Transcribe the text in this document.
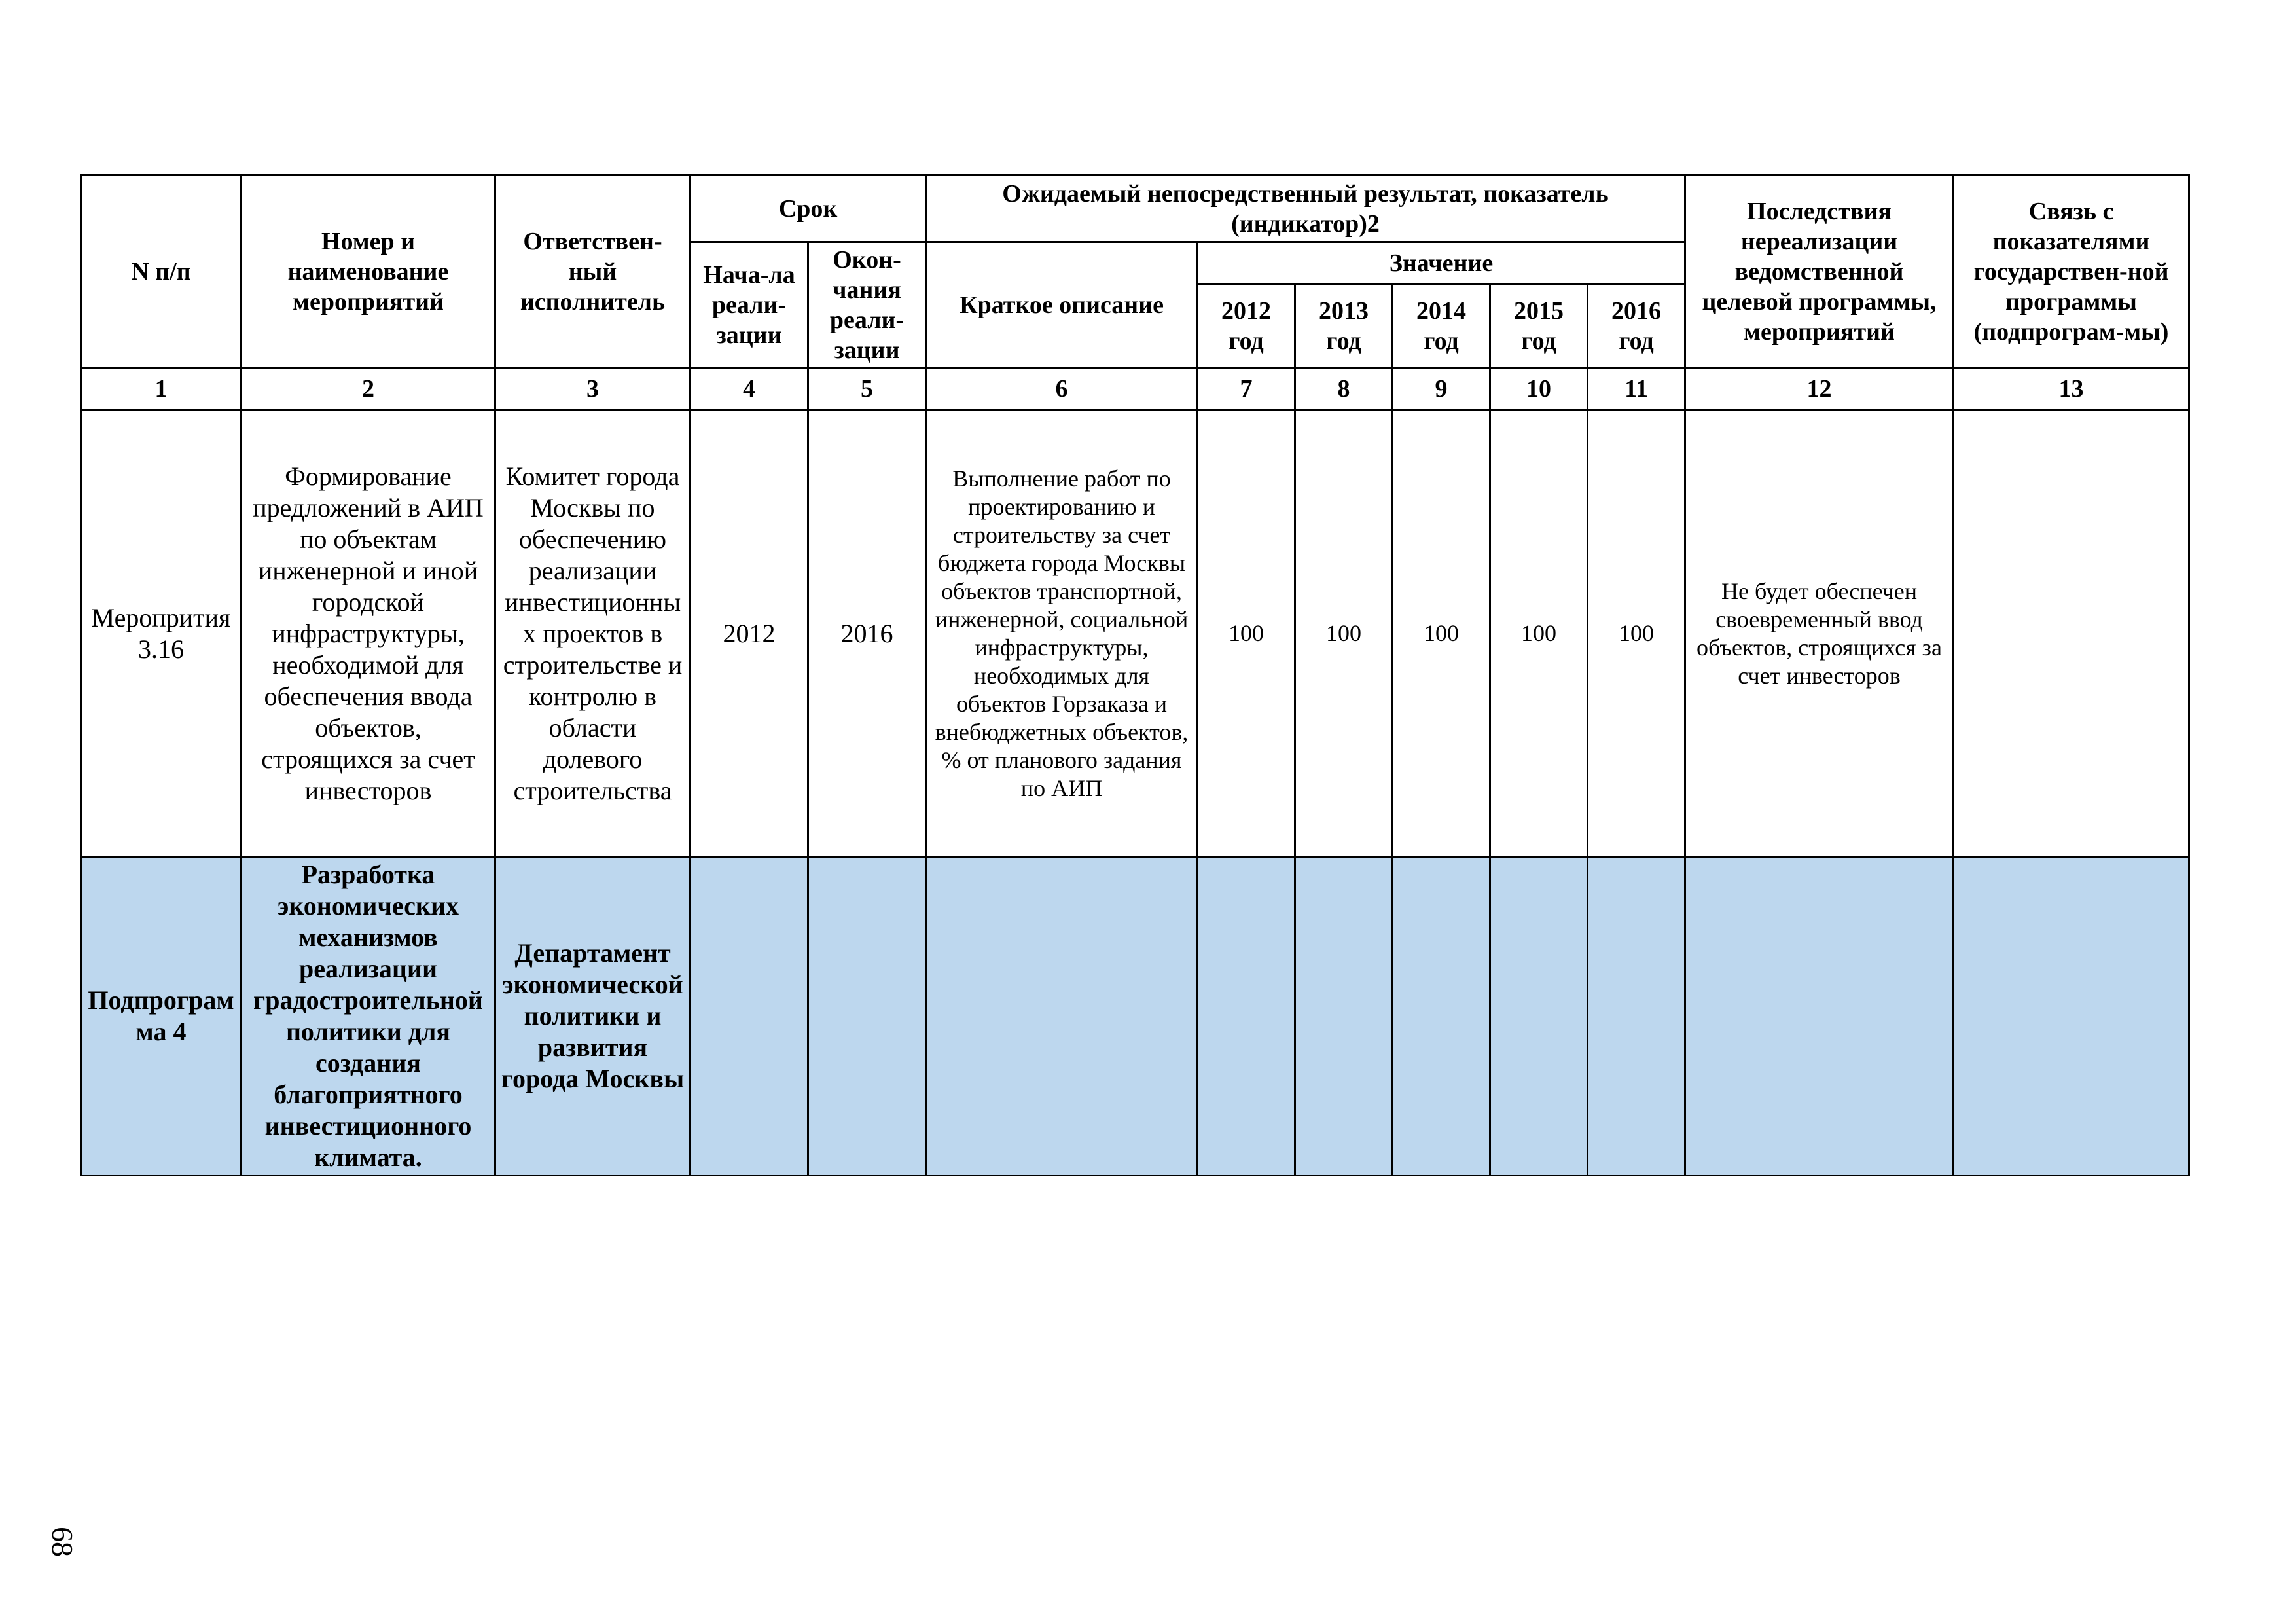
N п/п	Номер и наименование мероприятий	Ответствен-ный исполнитель	Срок		Ожидаемый непосредственный результат, показатель (индикатор)2						Последствия нереализации ведомственной целевой программы, мероприятий	Связь с показателями государствен-ной программы (подпрограм-мы)
			Нача-ла реали-зации	Окон-чания реали-зации	Краткое описание	Значение						
						2012 год	2013 год	2014 год	2015 год	2016 год		
1	2	3	4	5	6	7	8	9	10	11	12	13
Меропрития 3.16	Формирование предложений в АИП по объектам инженерной и иной городской инфраструктуры, необходимой для обеспечения ввода объектов, строящихся за счет инвесторов	Комитет города Москвы по обеспечению реализации инвестиционных проектов в строительстве и контролю в области долевого строительства	2012	2016	Выполнение работ по проектированию и строительству за счет бюджета города Москвы объектов транспортной, инженерной, социальной инфраструктуры, необходимых для объектов Горзаказа и внебюджетных объектов, % от планового задания по АИП	100	100	100	100	100	Не будет обеспечен своевременный ввод объектов, строящихся за счет инвесторов	
Подпрограмма 4	Разработка экономических механизмов реализации градостроительной политики для создания благоприятного инвестиционного климата.	Департамент экономической политики и развития города Москвы										
68
